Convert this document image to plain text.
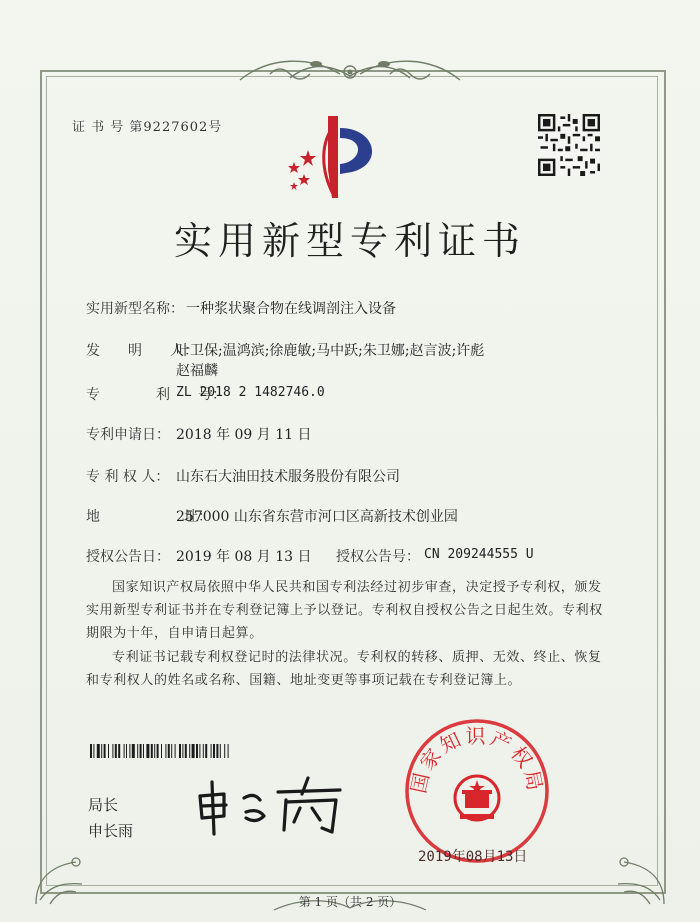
证 书 号 第9227602号
实用新型专利证书
实用新型名称： 一种浆状聚合物在线调剖注入设备
发　　明　　人：
叶卫保;温鸿滨;徐鹿敏;马中跃;朱卫娜;赵言波;许彪
赵福麟
专　　　　利　　号：
ZL 2018 2 1482746.0
专利申请日： 2018 年 09 月 11 日
专 利 权 人： 山东石大油田技术服务股份有限公司
地　　　　　　址：
257000 山东省东营市河口区高新技术创业园
授权公告日： 2019 年 08 月 13 日 授权公告号： CN 209244555 U
国家知识产权局依照中华人民共和国专利法经过初步审查，决定授予专利权，颁发实用新型专利证书并在专利登记簿上予以登记。专利权自授权公告之日起生效。专利权期限为十年，自申请日起算。
专利证书记载专利权登记时的法律状况。专利权的转移、质押、无效、终止、恢复和专利权人的姓名或名称、国籍、地址变更等事项记载在专利登记簿上。
局长
申长雨
国家知识产权局
2019年08月13日
第 1 页（共 2 页）
